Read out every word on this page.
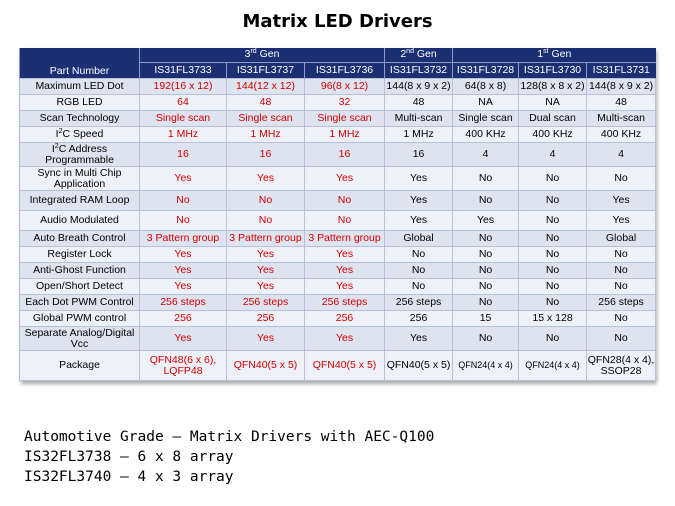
Matrix LED Drivers
Part Number	3rd Gen			2nd Gen	1st Gen		
	IS31FL3733	IS31FL3737	IS31FL3736	IS31FL3732	IS31FL3728	IS31FL3730	IS31FL3731
Maximum LED Dot	192(16 x 12)	144(12 x 12)	96(8 x 12)	144(8 x 9 x 2)	64(8 x 8)	128(8 x 8 x 2)	144(8 x 9 x 2)
RGB LED	64	48	32	48	NA	NA	48
Scan Technology	Single scan	Single scan	Single scan	Multi-scan	Single scan	Dual scan	Multi-scan
$I^2C$ Speed	1 MHz	1 MHz	1 MHz	1 MHz	400 KHz	400 KHz	400 KHz
$I^2C$ Address Programmable	16	16	16	16	4	4	4
Sync in Multi Chip Application	Yes	Yes	Yes	Yes	No	No	No
Integrated RAM Loop	No	No	No	Yes	No	No	Yes
Audio Modulated	No	No	No	Yes	Yes	No	Yes
Auto Breath Control	3 Pattern group	3 Pattern group	3 Pattern group	Global	No	No	Global
Register Lock	Yes	Yes	Yes	No	No	No	No
Anti-Ghost Function	Yes	Yes	Yes	No	No	No	No
Open/Short Detect	Yes	Yes	Yes	No	No	No	No
Each Dot PWM Control	256 steps	256 steps	256 steps	256 steps	No	No	256 steps
Global PWM control	256	256	256	256	15	15 x 128	No
Separate Analog/Digital Vcc	Yes	Yes	Yes	Yes	No	No	No
Package	QFN48(6 x 6), LQFP48	QFN40(5 x 5)	QFN40(5 x 5)	QFN40(5 x 5)	QFN24(4 x 4)	QFN24(4 x 4)	QFN28(4 x 4), SSOP28
Automotive Grade – Matrix Drivers with AEC-Q100
IS32FL3738 – 6 x 8 array
IS32FL3740 – 4 x 3 array
